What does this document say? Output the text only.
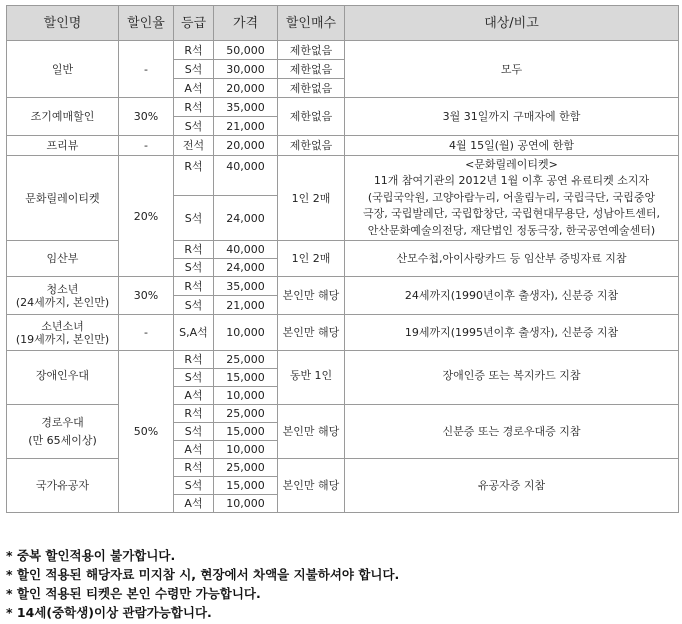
할인명	할인율	등급	가격	할인매수	대상/비고
일반	-	R석	50,000	제한없음	모두
		S석	30,000	제한없음	
		A석	20,000	제한없음	
조기예매할인	30%	R석	35,000	제한없음	3월 31일까지 구매자에 한함
		S석	21,000		
프리뷰	-	전석	20,000	제한없음	4월 15일(월) 공연에 한함
문화릴레이티켓	20%	R석	40,000	1인 2매	<문화릴레이티켓>
11개 참여기관의 2012년 1월 이후 공연 유료티켓 소지자
(국립국악원, 고양아람누리, 어울림누리, 국립극단, 국립중앙
극장, 국립발레단, 국립합창단, 국립현대무용단, 성남아트센터,
안산문화예술의전당, 재단법인 정동극장, 한국공연예술센터)

		S석	24,000		
임산부		R석	40,000	1인 2매	산모수첩,아이사랑카드 등 임산부 증빙자료 지참
		S석	24,000		

청소년
(24세까지, 본인만)	30%	R석	35,000	본인만 해당	24세까지(1990년이후 출생자), 신분증 지참
		S석	21,000		

소년소녀
(19세까지, 본인만)	-	S,A석	10,000	본인만 해당	19세까지(1995년이후 출생자), 신분증 지참
장애인우대	50%	R석	25,000	동반 1인	장애인증 또는 복지카드 지참
		S석	15,000		
		A석	10,000		

경로우대
(만 65세이상)		R석	25,000	본인만 해당	신분증 또는 경로우대증 지참
		S석	15,000		
		A석	10,000		
국가유공자		R석	25,000	본인만 해당	유공자증 지참
		S석	15,000		
		A석	10,000		
* 중복 할인적용이 불가합니다.
* 할인 적용된 해당자료 미지참 시, 현장에서 차액을 지불하셔야 합니다.
* 할인 적용된 티켓은 본인 수령만 가능합니다.
* 14세(중학생)이상 관람가능합니다.
